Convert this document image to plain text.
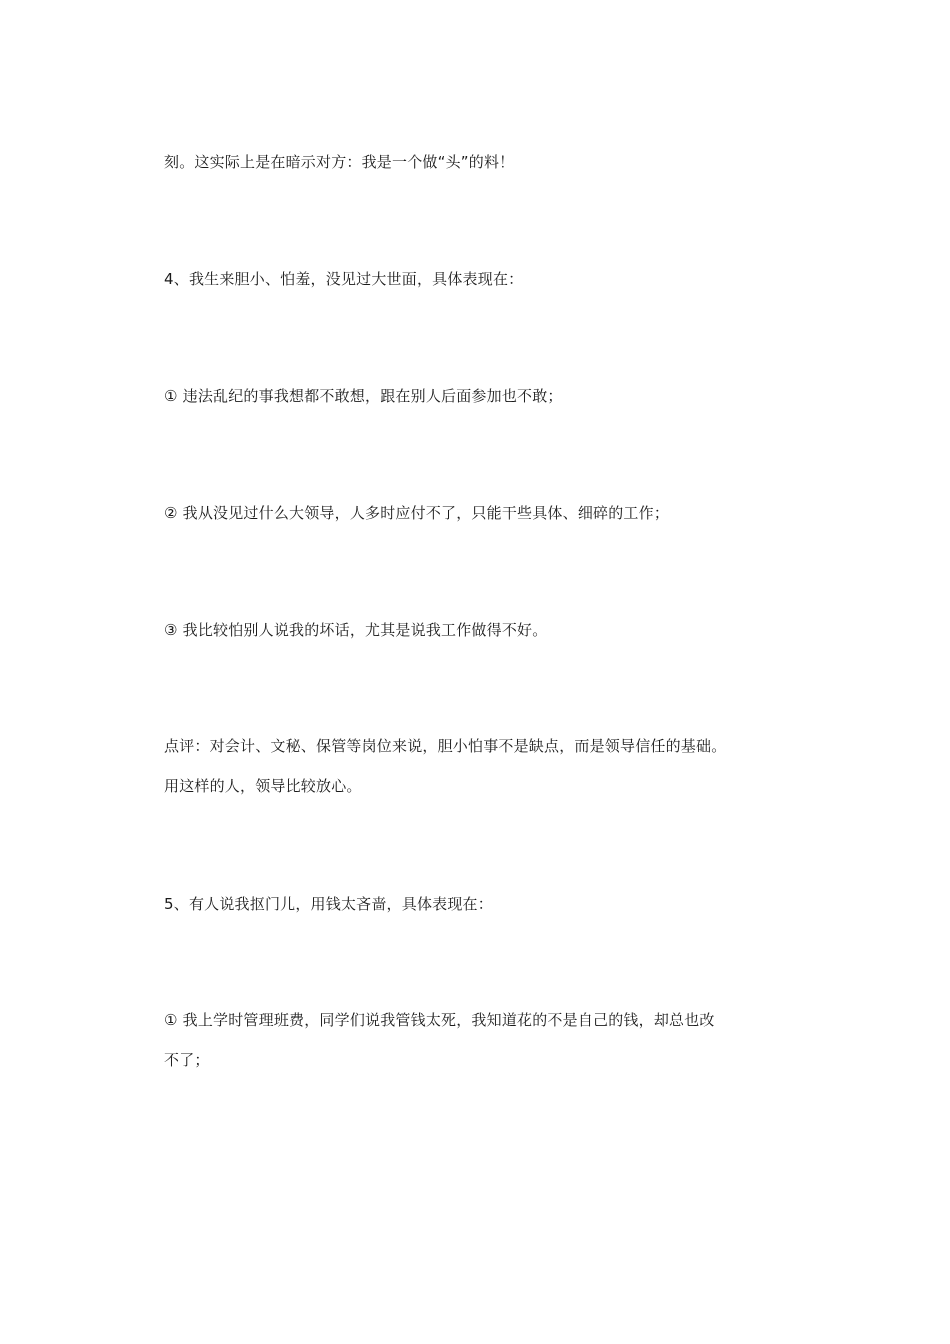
刻。这实际上是在暗示对方：我是一个做“头”的料！
4、我生来胆小、怕羞，没见过大世面，具体表现在：
① 违法乱纪的事我想都不敢想，跟在别人后面参加也不敢；
② 我从没见过什么大领导，人多时应付不了，只能干些具体、细碎的工作；
③ 我比较怕别人说我的坏话，尤其是说我工作做得不好。
点评：对会计、文秘、保管等岗位来说，胆小怕事不是缺点，而是领导信任的基础。
用这样的人，领导比较放心。
5、有人说我抠门儿，用钱太吝啬，具体表现在：
① 我上学时管理班费，同学们说我管钱太死，我知道花的不是自己的钱，却总也改
不了；
